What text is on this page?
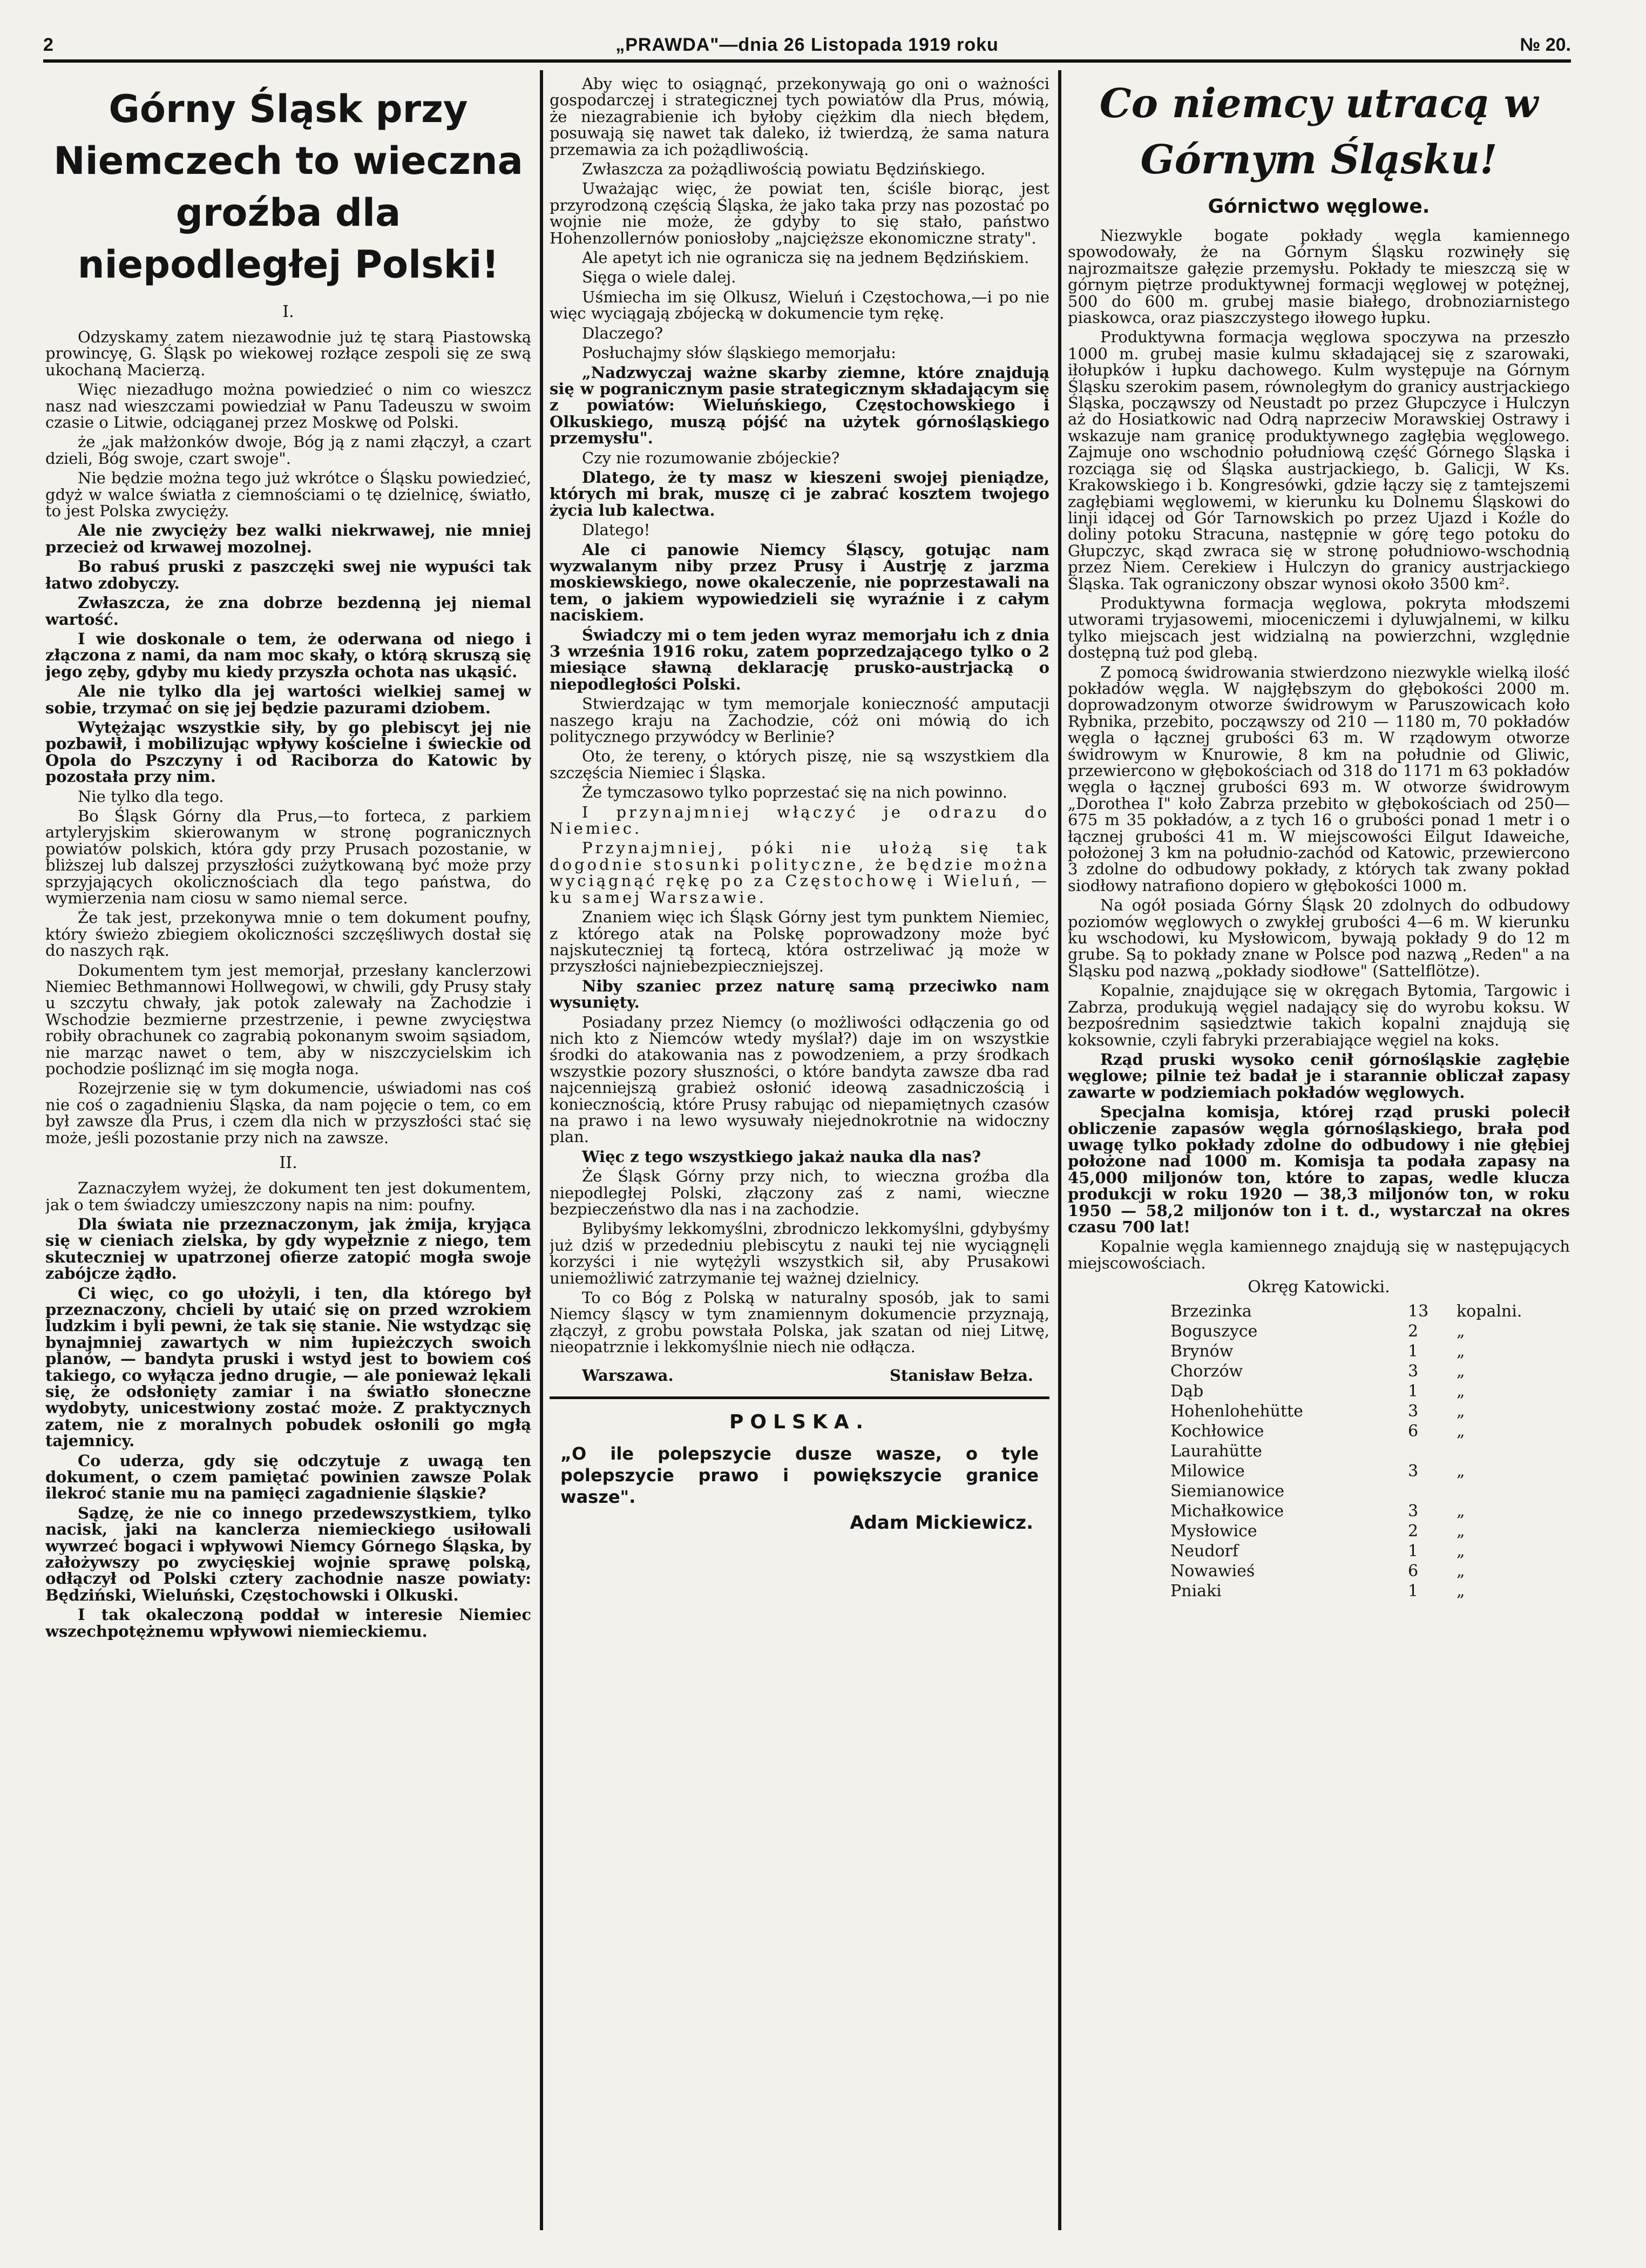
2	„PRAWDA"—dnia 26 Listopada 1919 roku	№ 20.
Górny Śląsk przy Niemczech to wieczna groźba dla niepodległej Polski!
I.

Odzyskamy zatem niezawodnie już tę starą Piastowską prowincyę, G. Śląsk po wiekowej rozłące zespoli się ze swą ukochaną Macierzą.

Więc niezadługo można powiedzieć o nim co wieszcz nasz nad wieszczami powiedział w Panu Tadeuszu w swoim czasie o Litwie, odciąganej przez Moskwę od Polski.

że „jak małżonków dwoje, Bóg ją z nami złączył, a czart dzieli, Bóg swoje, czart swoje".

Nie będzie można tego już wkrótce o Śląsku powiedzieć, gdyż w walce światła z ciemnościami o tę dzielnicę, światło, to jest Polska zwycięży.

Ale nie zwycięży bez walki niekrwawej, nie mniej przecież od krwawej mozolnej.

Bo rabuś pruski z paszczęki swej nie wypuści tak łatwo zdobyczy.

Zwłaszcza, że zna dobrze bezdenną jej niemal wartość.

I wie doskonale o tem, że oderwana od niego i złączona z nami, da nam moc skały, o którą skruszą się jego zęby, gdyby mu kiedy przyszła ochota nas ukąsić.

Ale nie tylko dla jej wartości wielkiej samej w sobie, trzymać on się jej będzie pazurami dziobem.

Wytężając wszystkie siły, by go plebiscyt jej nie pozbawił, i mobilizując wpływy kościelne i świeckie od Opola do Pszczyny i od Raciborza do Katowic by pozostała przy nim.

Nie tylko dla tego.

Bo Śląsk Górny dla Prus,—to forteca, z parkiem artyleryjskim skierowanym w stronę pogranicznych powiatów polskich, która gdy przy Prusach pozostanie, w bliższej lub dalszej przyszłości zużytkowaną być może przy sprzyjających okolicznościach dla tego państwa, do wymierzenia nam ciosu w samo niemal serce.

Że tak jest, przekonywa mnie o tem dokument poufny, który świeżo zbiegiem okoliczności szczęśliwych dostał się do naszych rąk.

Dokumentem tym jest memorjał, przesłany kanclerzowi Niemiec Bethmannowi Hollwegowi, w chwili, gdy Prusy stały u szczytu chwały, jak potok zalewały na Zachodzie i Wschodzie bezmierne przestrzenie, i pewne zwycięstwa robiły obrachunek co zagrabią pokonanym swoim sąsiadom, nie marząc nawet o tem, aby w niszczycielskim ich pochodzie pośliznąć im się mogła noga.

Rozejrzenie się w tym dokumencie, uświadomi nas coś nie coś o zagadnieniu Śląska, da nam pojęcie o tem, co em był zawsze dla Prus, i czem dla nich w przyszłości stać się może, jeśli pozostanie przy nich na zawsze.

II.

Zaznaczyłem wyżej, że dokument ten jest dokumentem, jak o tem świadczy umieszczony napis na nim: poufny.

Dla świata nie przeznaczonym, jak żmija, kryjąca się w cieniach zielska, by gdy wypełznie z niego, tem skuteczniej w upatrzonej ofierze zatopić mogła swoje zabójcze żądło.

Ci więc, co go ułożyli, i ten, dla którego był przeznaczony, chcieli by utaić się on przed wzrokiem ludzkim i byli pewni, że tak się stanie. Nie wstydząc się bynajmniej zawartych w nim łupieżczych swoich planów, — bandyta pruski i wstyd jest to bowiem coś takiego, co wyłącza jedno drugie, — ale ponieważ lękali się, że odsłonięty zamiar i na światło słoneczne wydobyty, unicestwiony zostać może. Z praktycznych zatem, nie z moralnych pobudek osłonili go mgłą tajemnicy.

Co uderza, gdy się odczytuje z uwagą ten dokument, o czem pamiętać powinien zawsze Polak ilekroć stanie mu na pamięci zagadnienie śląskie?

Sądzę, że nie co innego przedewszystkiem, tylko nacisk, jaki na kanclerza niemieckiego usiłowali wywrzeć bogaci i wpływowi Niemcy Górnego Śląska, by założywszy po zwycięskiej wojnie sprawę polską, odłączył od Polski cztery zachodnie nasze powiaty: Będziński, Wieluński, Częstochowski i Olkuski.

I tak okaleczoną poddał w interesie Niemiec wszechpotężnemu wpływowi niemieckiemu.

Aby więc to osiągnąć, przekonywają go oni o ważności gospodarczej i strategicznej tych powiatów dla Prus, mówią, że niezagrabienie ich byłoby ciężkim dla niech błędem, posuwają się nawet tak daleko, iż twierdzą, że sama natura przemawia za ich pożądliwością.

Zwłaszcza za pożądliwością powiatu Będzińskiego.

Uważając więc, że powiat ten, ściśle biorąc, jest przyrodzoną częścią Śląska, że jako taka przy nas pozostać po wojnie nie może, że gdyby to się stało, państwo Hohenzollernów poniosłoby „najcięższe ekonomiczne straty".

Ale apetyt ich nie ogranicza się na jednem Będzińskiem.

Sięga o wiele dalej.

Uśmiecha im się Olkusz, Wieluń i Częstochowa,—i po nie więc wyciągają zbójecką w dokumencie tym rękę.

Dlaczego?

Posłuchajmy słów śląskiego memorjału:

„Nadzwyczaj ważne skarby ziemne, które znajdują się w pogranicznym pasie strategicznym składającym się z powiatów: Wieluńskiego, Częstochowskiego i Olkuskiego, muszą pójść na użytek górnośląskiego przemysłu".

Czy nie rozumowanie zbójeckie?

Dlatego, że ty masz w kieszeni swojej pieniądze, których mi brak, muszę ci je zabrać kosztem twojego życia lub kalectwa.

Dlatego!

Ale ci panowie Niemcy Śląscy, gotując nam wyzwalanym niby przez Prusy i Austrję z jarzma moskiewskiego, nowe okaleczenie, nie poprzestawali na tem, o jakiem wypowiedzieli się wyraźnie i z całym naciskiem.

Świadczy mi o tem jeden wyraz memorjału ich z dnia 3 września 1916 roku, zatem poprzedzającego tylko o 2 miesiące sławną deklarację prusko-austrjacką o niepodległości Polski.

Stwierdzając w tym memorjale konieczność amputacji naszego kraju na Zachodzie, cóż oni mówią do ich politycznego przywódcy w Berlinie?

Oto, że tereny, o których piszę, nie są wszystkiem dla szczęścia Niemiec i Śląska.

Że tymczasowo tylko poprzestać się na nich powinno.

I przynajmniej włączyć je odrazu do Niemiec.

Przynajmniej, póki nie ułożą się tak dogodnie stosunki polityczne, że będzie można wyciągnąć rękę po za Częstochowę i Wieluń, — ku samej Warszawie.

Znaniem więc ich Śląsk Górny jest tym punktem Niemiec, z którego atak na Polskę poprowadzony może być najskuteczniej tą fortecą, która ostrzeliwać ją może w przyszłości najniebezpieczniejszej.

Niby szaniec przez naturę samą przeciwko nam wysunięty.

Posiadany przez Niemcy (o możliwości odłączenia go od nich kto z Niemców wtedy myślał?) daje im on wszystkie środki do atakowania nas z powodzeniem, a przy środkach wszystkie pozory słuszności, o które bandyta zawsze dba rad najcenniejszą grabież osłonić ideową zasadniczością i koniecznością, które Prusy rabując od niepamiętnych czasów na prawo i na lewo wysuwały niejednokrotnie na widoczny plan.

Więc z tego wszystkiego jakaż nauka dla nas?

Że Śląsk Górny przy nich, to wieczna groźba dla niepodległej Polski, złączony zaś z nami, wieczne bezpieczeństwo dla nas i na zachodzie.

Bylibyśmy lekkomyślni, zbrodniczo lekkomyślni, gdybyśmy już dziś w przededniu plebiscytu z nauki tej nie wyciągnęli korzyści i nie wytężyli wszystkich sił, aby Prusakowi uniemożliwić zatrzymanie tej ważnej dzielnicy.

To co Bóg z Polską w naturalny sposób, jak to sami Niemcy śląscy w tym znamiennym dokumencie przyznają, złączył, z grobu powstała Polska, jak szatan od niej Litwę, nieopatrznie i lekkomyślnie niech nie odłącza.

Warszawa.	Stanisław Bełza.
POLSKA.
„O ile polepszycie dusze wasze, o tyle polepszycie prawo i powiększycie granice wasze".
Adam Mickiewicz.
Co niemcy utracą w Górnym Śląsku!
Górnictwo węglowe.

Niezwykle bogate pokłady węgla kamiennego spowodowały, że na Górnym Śląsku rozwinęły się najrozmaitsze gałęzie przemysłu. Pokłady te mieszczą się w górnym piętrze produktywnej formacji węglowej w potężnej, 500 do 600 m. grubej masie białego, drobnoziarnistego piaskowca, oraz piaszczystego iłowego łupku.

Produktywna formacja węglowa spoczywa na przeszło 1000 m. grubej masie kulmu składającej się z szarowaki, iłołupków i łupku dachowego. Kulm występuje na Górnym Śląsku szerokim pasem, równoległym do granicy austrjackiego Śląska, począwszy od Neustadt po przez Głupczyce i Hulczyn aż do Hosiatkowic nad Odrą naprzeciw Morawskiej Ostrawy i wskazuje nam granicę produktywnego zagłębia węglowego. Zajmuje ono wschodnio południową część Górnego Śląska i rozciąga się od Śląska austrjackiego, b. Galicji, W Ks. Krakowskiego i b. Kongresówki, gdzie łączy się z tamtejszemi zagłębiami węglowemi, w kierunku ku Dolnemu Śląskowi do linji idącej od Gór Tarnowskich po przez Ujazd i Koźle do doliny potoku Stracuna, następnie w górę tego potoku do Głupczyc, skąd zwraca się w stronę południowo-wschodnią przez Niem. Cerekiew i Hulczyn do granicy austrjackiego Śląska. Tak ograniczony obszar wynosi około 3500 km².

Produktywna formacja węglowa, pokryta młodszemi utworami tryjasowemi, mioceniczemi i dyluwjalnemi, w kilku tylko miejscach jest widzialną na powierzchni, względnie dostępną tuż pod glebą.

Z pomocą świdrowania stwierdzono niezwykle wielką ilość pokładów węgla. W najgłębszym do głębokości 2000 m. doprowadzonym otworze świdrowym w Paruszowicach koło Rybnika, przebito, począwszy od 210 — 1180 m, 70 pokładów węgla o łącznej grubości 63 m. W rządowym otworze świdrowym w Knurowie, 8 km na południe od Gliwic, przewiercono w głębokościach od 318 do 1171 m 63 pokładów węgla o łącznej grubości 693 m. W otworze świdrowym „Dorothea I" koło Zabrza przebito w głębokościach od 250—675 m 35 pokładów, a z tych 16 o grubości ponad 1 metr i o łącznej grubości 41 m. W miejscowości Eilgut Idaweiche, położonej 3 km na południo-zachód od Katowic, przewiercono 3 zdolne do odbudowy pokłady, z których tak zwany pokład siodłowy natrafiono dopiero w głębokości 1000 m.

Na ogół posiada Górny Śląsk 20 zdolnych do odbudowy poziomów węglowych o zwykłej grubości 4—6 m. W kierunku ku wschodowi, ku Mysłowicom, bywają pokłady 9 do 12 m grube. Są to pokłady znane w Polsce pod nazwą „Reden" a na Śląsku pod nazwą „pokłady siodłowe" (Sattelflötze).

Kopalnie, znajdujące się w okręgach Bytomia, Targowic i Zabrza, produkują węgiel nadający się do wyrobu koksu. W bezpośrednim sąsiedztwie takich kopalni znajdują się koksownie, czyli fabryki przerabiające węgiel na koks.

Rząd pruski wysoko cenił górnośląskie zagłębie węglowe; pilnie też badał je i starannie obliczał zapasy zawarte w podziemiach pokładów węglowych.

Specjalna komisja, której rząd pruski polecił obliczenie zapasów węgla górnośląskiego, brała pod uwagę tylko pokłady zdolne do odbudowy i nie głębiej położone nad 1000 m. Komisja ta podała zapasy na 45,000 miljonów ton, które to zapas, wedle klucza produkcji w roku 1920 — 38,3 miljonów ton, w roku 1950 — 58,2 miljonów ton i t. d., wystarczał na okres czasu 700 lat!

Kopalnie węgla kamiennego znajdują się w następujących miejscowościach.

Okręg Katowicki.
Brzezinka	13	kopalni.
Boguszyce	2	„
Brynów	1	„
Chorzów	3	„
Dąb	1	„
Hohenlohehütte	3	„
Kochłowice	6	„
Laurahütte		
Milowice	3	„
Siemianowice		
Michałkowice	3	„
Mysłowice	2	„
Neudorf	1	„
Nowawieś	6	„
Pniaki	1	„
